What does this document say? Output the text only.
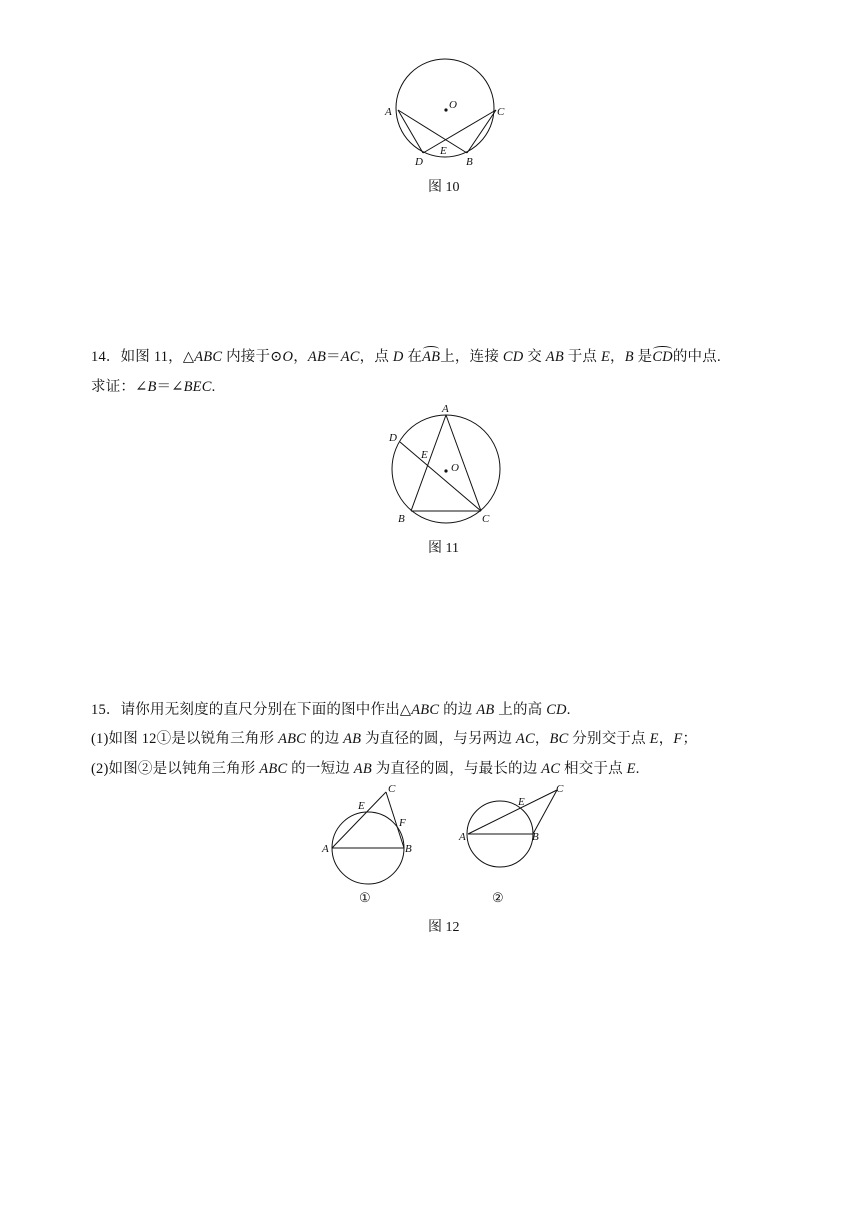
O
A	C
D
E
B
图 10
14．如图 11，△ABC 内接于⊙O，AB＝AC，点 D 在AB上，连接 CD 交 AB 于点 E，B 是CD的中点.
求证：∠B＝∠BEC.
A
D
E
O
B	C
图 11
15．请你用无刻度的直尺分别在下面的图中作出△ABC 的边 AB 上的高 CD.
(1)如图 12①是以锐角三角形 ABC 的边 AB 为直径的圆，与另两边 AC，BC 分别交于点 E，F；
(2)如图②是以钝角三角形 ABC 的一短边 AB 为直径的圆，与最长的边 AC 相交于点 E.
A	B
C
E
F
①
A	B
C
E
②
图 12
